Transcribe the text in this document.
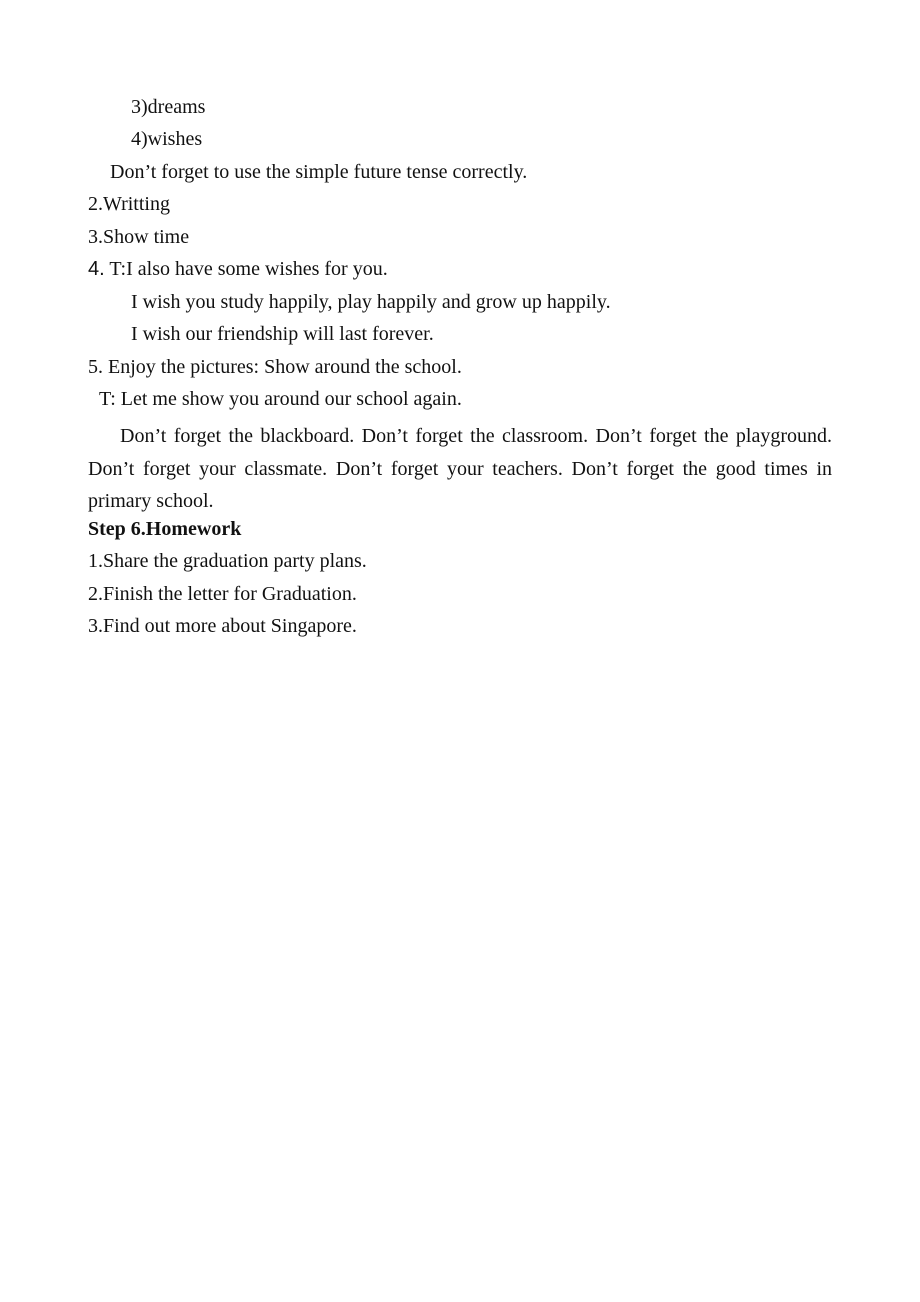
3)dreams

4)wishes

Don’t forget to use the simple future tense correctly.

2.Writting

3.Show time

4. T:I also have some wishes for you.

I wish you study happily, play happily and grow up happily.

I wish our friendship will last forever.

5. Enjoy the pictures: Show around the school.

T: Let me show you around our school again.

Don’t forget the blackboard. Don’t forget the classroom. Don’t forget the playground. Don’t forget your classmate. Don’t forget your teachers. Don’t forget the good times in primary school.

Step 6.Homework

1.Share the graduation party plans.

2.Finish the letter for Graduation.

3.Find out more about Singapore.
